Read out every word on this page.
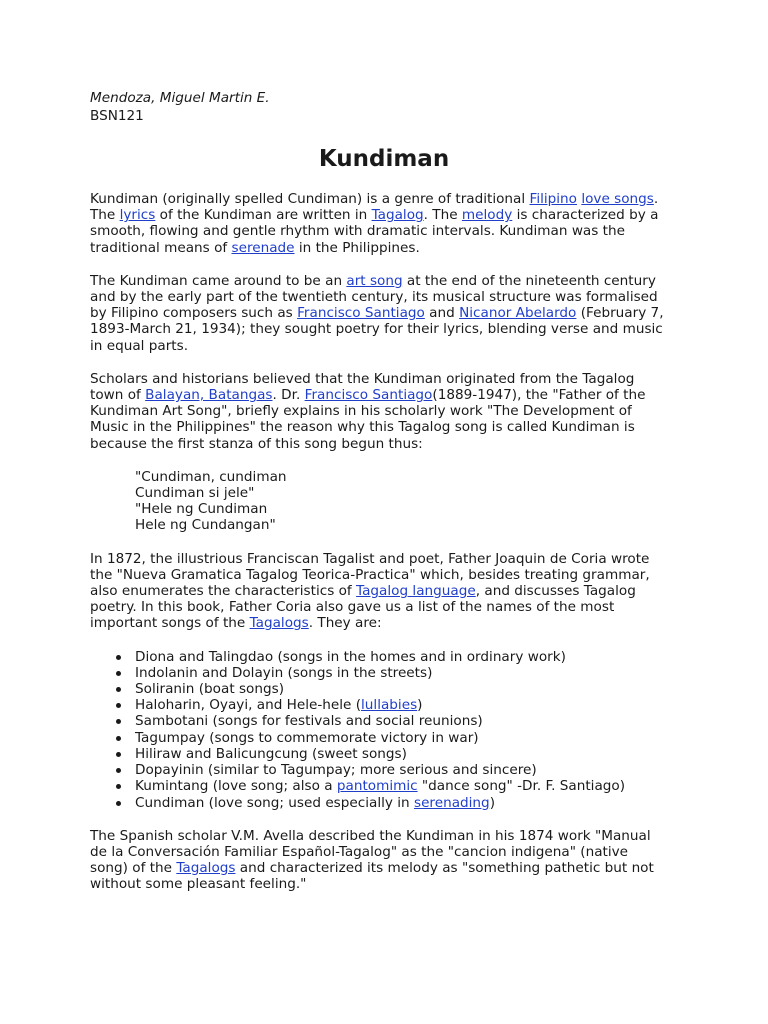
Mendoza, Miguel Martin E.
BSN121
Kundiman

Kundiman (originally spelled Cundiman) is a genre of traditional Filipino love songs.
The lyrics of the Kundiman are written in Tagalog. The melody is characterized by a
smooth, flowing and gentle rhythm with dramatic intervals. Kundiman was the
traditional means of serenade in the Philippines.

The Kundiman came around to be an art song at the end of the nineteenth century
and by the early part of the twentieth century, its musical structure was formalised
by Filipino composers such as Francisco Santiago and Nicanor Abelardo (February 7,
1893-March 21, 1934); they sought poetry for their lyrics, blending verse and music
in equal parts.

Scholars and historians believed that the Kundiman originated from the Tagalog
town of Balayan, Batangas. Dr. Francisco Santiago(1889-1947), the "Father of the
Kundiman Art Song", briefly explains in his scholarly work "The Development of
Music in the Philippines" the reason why this Tagalog song is called Kundiman is
because the first stanza of this song begun thus:

"Cundiman, cundiman
Cundiman si jele"
"Hele ng Cundiman
Hele ng Cundangan"

In 1872, the illustrious Franciscan Tagalist and poet, Father Joaquin de Coria wrote
the "Nueva Gramatica Tagalog Teorica-Practica" which, besides treating grammar,
also enumerates the characteristics of Tagalog language, and discusses Tagalog
poetry. In this book, Father Coria also gave us a list of the names of the most
important songs of the Tagalogs. They are:

Diona and Talingdao (songs in the homes and in ordinary work)
Indolanin and Dolayin (songs in the streets)
Soliranin (boat songs)
Haloharin, Oyayi, and Hele-hele (lullabies)
Sambotani (songs for festivals and social reunions)
Tagumpay (songs to commemorate victory in war)
Hiliraw and Balicungcung (sweet songs)
Dopayinin (similar to Tagumpay; more serious and sincere)
Kumintang (love song; also a pantomimic "dance song" -Dr. F. Santiago)
Cundiman (love song; used especially in serenading)

The Spanish scholar V.M. Avella described the Kundiman in his 1874 work "Manual
de la Conversación Familiar Español-Tagalog" as the "cancion indigena" (native
song) of the Tagalogs and characterized its melody as "something pathetic but not
without some pleasant feeling."
